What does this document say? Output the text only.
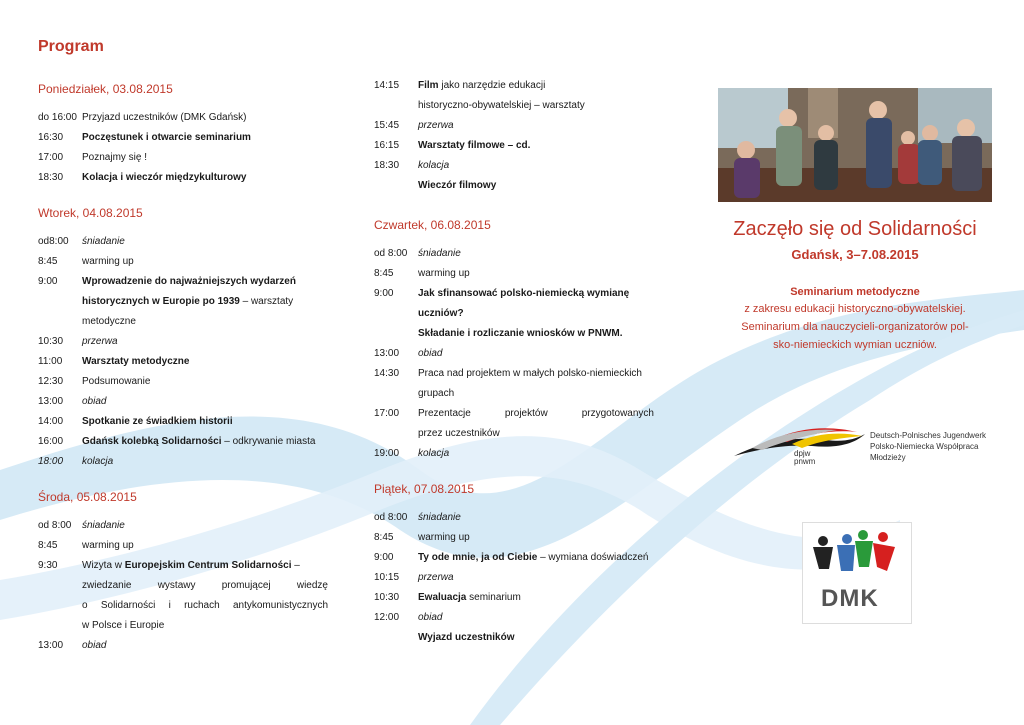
Program
Poniedziałek, 03.08.2015
do 16:00 Przyjazd uczestników (DMK Gdańsk)
16:30	Poczęstunek i otwarcie seminarium
17:00	Poznajmy się !
18:30	Kolacja i wieczór międzykulturowy
Wtorek, 04.08.2015
od8:00	śniadanie
8:45	warming up
9:00	Wprowadzenie do najważniejszych wydarzeń
historycznych w Europie po 1939 – warsztaty
metodyczne
10:30	przerwa
11:00	Warsztaty metodyczne
12:30	Podsumowanie
13:00	obiad
14:00	Spotkanie ze świadkiem historii
16:00	Gdańsk kolebką Solidarności – odkrywanie miasta
18:00	kolacja
Środa, 05.08.2015
od 8:00	śniadanie
8:45	warming up
9:30	Wizyta w Europejskim Centrum Solidarności –
zwiedzanie wystawy promującej wiedzę
o Solidarności i ruchach antykomunistycznych
w Polsce i Europie
13:00	obiad
14:15	Film jako narzędzie edukacji
historyczno-obywatelskiej – warsztaty
15:45	przerwa
16:15	Warsztaty filmowe – cd.
18:30	kolacja
Wieczór filmowy
Czwartek, 06.08.2015
od 8:00	śniadanie
8:45	warming up
9:00	Jak sfinansować polsko-niemiecką wymianę
uczniów?
Składanie i rozliczanie wniosków w PNWM.
13:00	obiad
14:30	Praca nad projektem w małych polsko-niemieckich
grupach
17:00	Prezentacje projektów przygotowanych
przez uczestników
19:00	kolacja
Piątek, 07.08.2015
od 8:00	śniadanie
8:45	warming up
9:00	Ty ode mnie, ja od Ciebie – wymiana doświadczeń
10:15	przerwa
10:30	Ewaluacja seminarium
12:00	obiad
Wyjazd uczestników
Zaczęło się od Solidarności
Gdańsk, 3–7.08.2015
Seminarium metodyczne

z zakresu edukacji historyczno-obywatelskiej.

Seminarium dla nauczycieli-organizatorów pol-

sko-niemieckich wymian uczniów.

dpjw
pnwm
Deutsch-Polnisches Jugendwerk
Polsko-Niemiecka Współpraca Młodzieży
DMK
